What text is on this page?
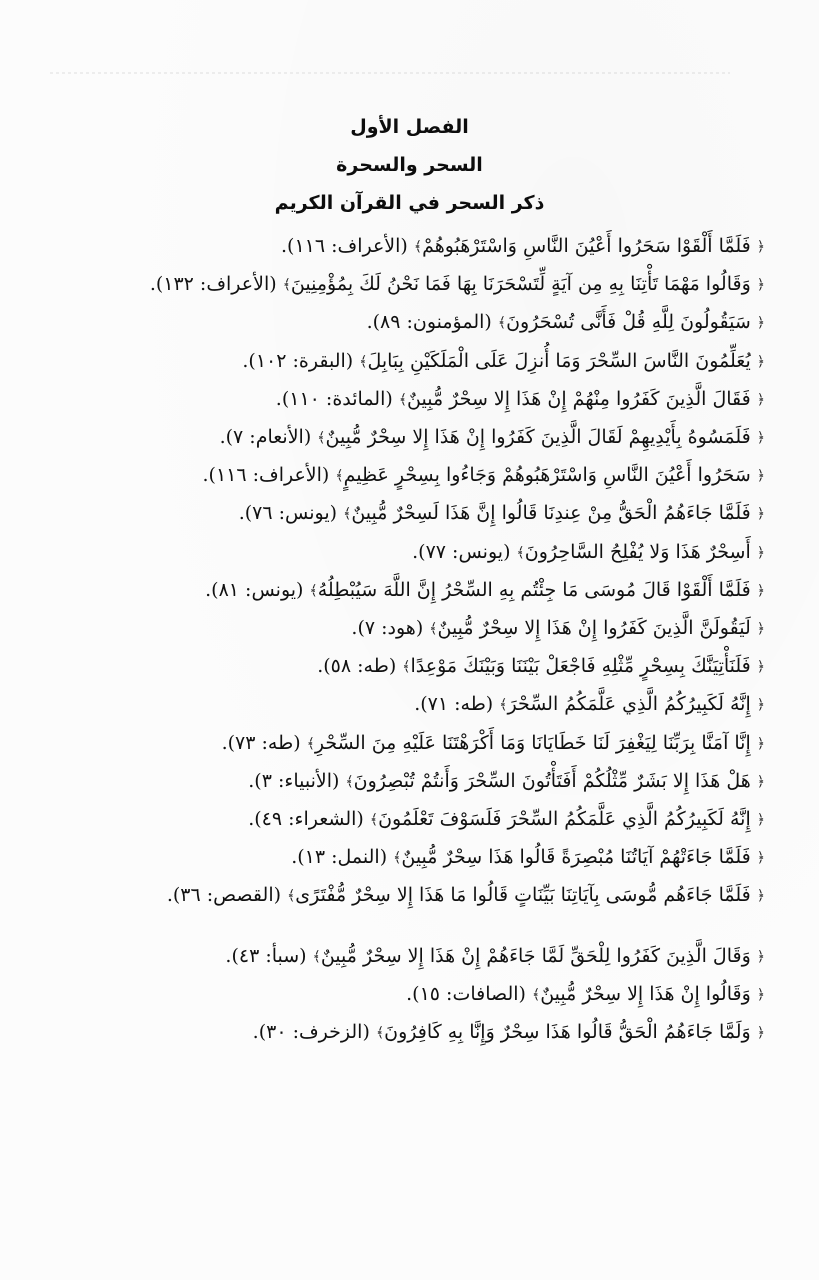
الفصل الأول
السحر والسحرة
ذكر السحر في القرآن الكريم
﴿ فَلَمَّا أَلْقَوْا سَحَرُوا أَعْيُنَ النَّاسِ وَاسْتَرْهَبُوهُمْ﴾ (الأعراف: ١١٦).
﴿ وَقَالُوا مَهْمَا تَأْتِنَا بِهِ مِن آيَةٍ لِّتَسْحَرَنَا بِهَا فَمَا نَحْنُ لَكَ بِمُؤْمِنِينَ﴾ (الأعراف: ١٣٢).
﴿ سَيَقُولُونَ لِلَّهِ قُلْ فَأَنَّى تُسْحَرُونَ﴾ (المؤمنون: ٨٩).
﴿ يُعَلِّمُونَ النَّاسَ السِّحْرَ وَمَا أُنزِلَ عَلَى الْمَلَكَيْنِ بِبَابِلَ﴾ (البقرة: ١٠٢).
﴿ فَقَالَ الَّذِينَ كَفَرُوا مِنْهُمْ إِنْ هَذَا إِلا سِحْرٌ مُّبِينٌ﴾ (المائدة: ١١٠).
﴿ فَلَمَسُوهُ بِأَيْدِيهِمْ لَقَالَ الَّذِينَ كَفَرُوا إِنْ هَذَا إِلا سِحْرٌ مُّبِينٌ﴾ (الأنعام: ٧).
﴿ سَحَرُوا أَعْيُنَ النَّاسِ وَاسْتَرْهَبُوهُمْ وَجَاءُوا بِسِحْرٍ عَظِيمٍ﴾ (الأعراف: ١١٦).
﴿ فَلَمَّا جَاءَهُمُ الْحَقُّ مِنْ عِندِنَا قَالُوا إِنَّ هَذَا لَسِحْرٌ مُّبِينٌ﴾ (يونس: ٧٦).
﴿ أَسِحْرٌ هَذَا وَلا يُفْلِحُ السَّاحِرُونَ﴾ (يونس: ٧٧).
﴿ فَلَمَّا أَلْقَوْا قَالَ مُوسَى مَا جِئْتُم بِهِ السِّحْرُ إِنَّ اللَّهَ سَيُبْطِلُهُ﴾ (يونس: ٨١).
﴿ لَيَقُولَنَّ الَّذِينَ كَفَرُوا إِنْ هَذَا إِلا سِحْرٌ مُّبِينٌ﴾ (هود: ٧).
﴿ فَلَنَأْتِيَنَّكَ بِسِحْرٍ مِّثْلِهِ فَاجْعَلْ بَيْنَنَا وَبَيْنَكَ مَوْعِدًا﴾ (طه: ٥٨).
﴿ إِنَّهُ لَكَبِيرُكُمُ الَّذِي عَلَّمَكُمُ السِّحْرَ﴾ (طه: ٧١).
﴿ إِنَّا آمَنَّا بِرَبِّنَا لِيَغْفِرَ لَنَا خَطَايَانَا وَمَا أَكْرَهْتَنَا عَلَيْهِ مِنَ السِّحْرِ﴾ (طه: ٧٣).
﴿ هَلْ هَذَا إِلا بَشَرٌ مِّثْلُكُمْ أَفَتَأْتُونَ السِّحْرَ وَأَنتُمْ تُبْصِرُونَ﴾ (الأنبياء: ٣).
﴿ إِنَّهُ لَكَبِيرُكُمُ الَّذِي عَلَّمَكُمُ السِّحْرَ فَلَسَوْفَ تَعْلَمُونَ﴾ (الشعراء: ٤٩).
﴿ فَلَمَّا جَاءَتْهُمْ آيَاتُنَا مُبْصِرَةً قَالُوا هَذَا سِحْرٌ مُّبِينٌ﴾ (النمل: ١٣).
﴿ فَلَمَّا جَاءَهُم مُّوسَى بِآيَاتِنَا بَيِّنَاتٍ قَالُوا مَا هَذَا إِلا سِحْرٌ مُّفْتَرًى﴾ (القصص: ٣٦).
﴿ وَقَالَ الَّذِينَ كَفَرُوا لِلْحَقِّ لَمَّا جَاءَهُمْ إِنْ هَذَا إِلا سِحْرٌ مُّبِينٌ﴾ (سبأ: ٤٣).
﴿ وَقَالُوا إِنْ هَذَا إِلا سِحْرٌ مُّبِينٌ﴾ (الصافات: ١٥).
﴿ وَلَمَّا جَاءَهُمُ الْحَقُّ قَالُوا هَذَا سِحْرٌ وَإِنَّا بِهِ كَافِرُونَ﴾ (الزخرف: ٣٠).
